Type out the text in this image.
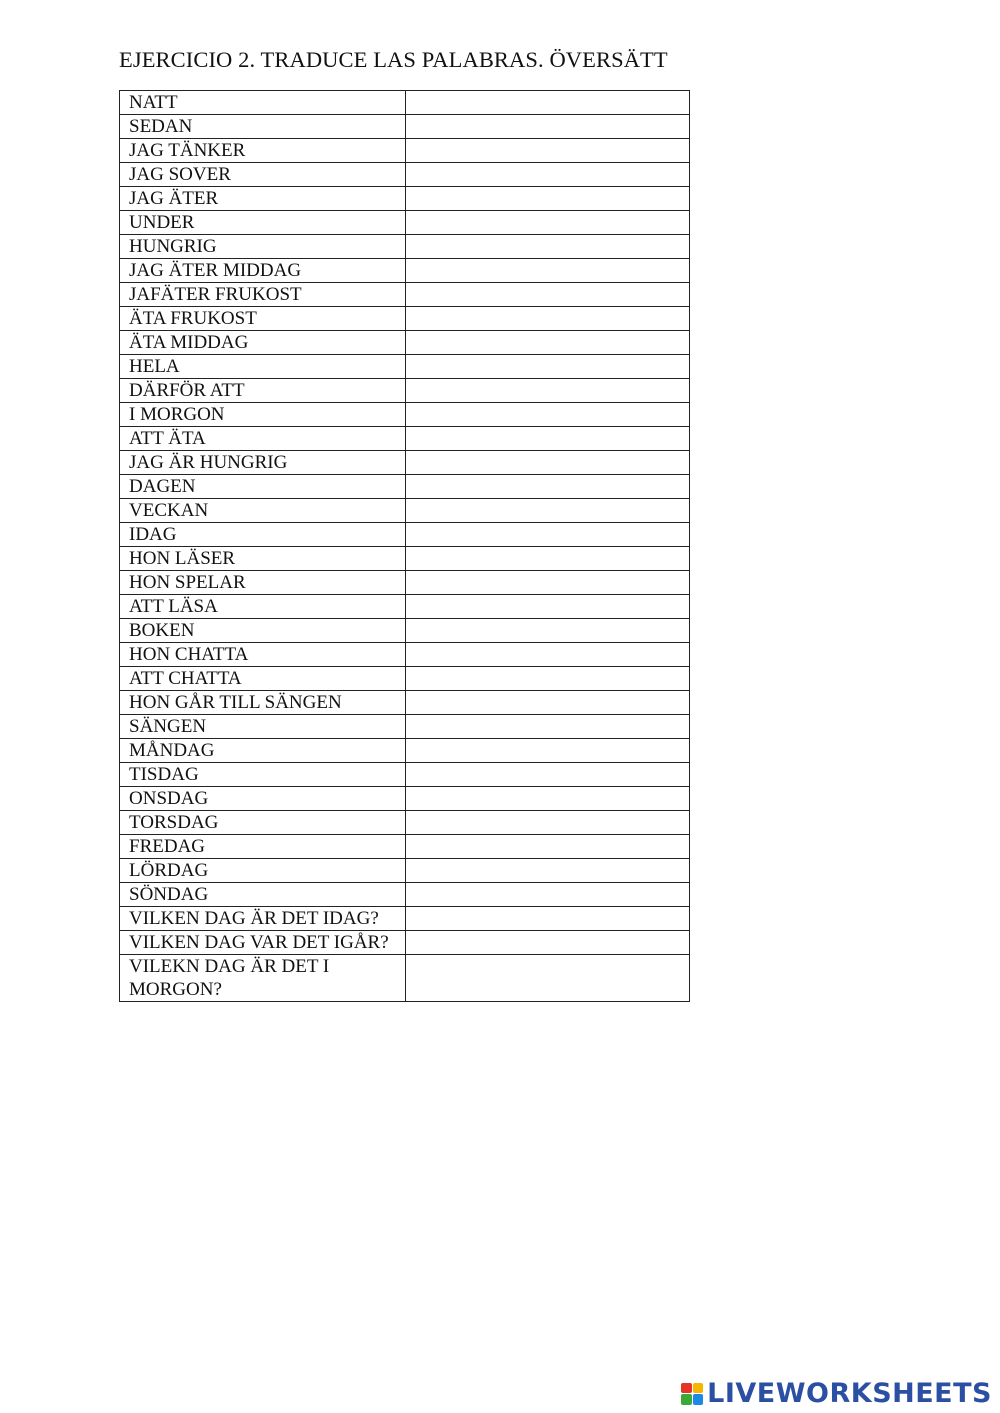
EJERCICIO 2. TRADUCE LAS PALABRAS. ÖVERSÄTT
NATT	
SEDAN	
JAG TÄNKER	
JAG SOVER	
JAG ÄTER	
UNDER	
HUNGRIG	
JAG ÄTER MIDDAG	
JAFÄTER FRUKOST	
ÄTA FRUKOST	
ÄTA MIDDAG	
HELA	
DÄRFÖR ATT	
I MORGON	
ATT ÄTA	
JAG ÄR HUNGRIG	
DAGEN	
VECKAN	
IDAG	
HON LÄSER	
HON SPELAR	
ATT LÄSA	
BOKEN	
HON CHATTA	
ATT CHATTA	
HON GÅR TILL SÄNGEN	
SÄNGEN	
MÅNDAG	
TISDAG	
ONSDAG	
TORSDAG	
FREDAG	
LÖRDAG	
SÖNDAG	
VILKEN DAG ÄR DET IDAG?	
VILKEN DAG VAR DET IGÅR?	
VILEKN DAG ÄR DET I MORGON?	
LIVEWORKSHEETS
